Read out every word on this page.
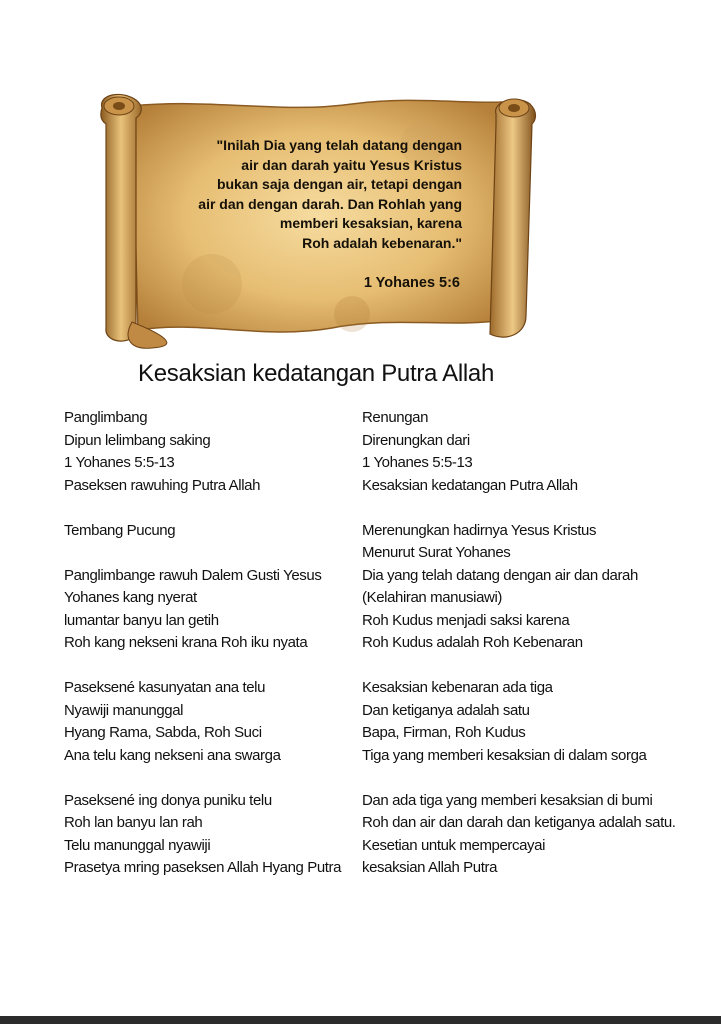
"Inilah Dia yang telah datang dengan
air dan darah yaitu Yesus Kristus
bukan saja dengan air, tetapi dengan
air dan dengan darah. Dan Rohlah yang
memberi kesaksian, karena
Roh adalah kebenaran."
1 Yohanes 5:6
Kesaksian kedatangan Putra Allah
Panglimbang
Dipun lelimbang saking
1 Yohanes 5:5-13
Paseksen rawuhing Putra Allah
Tembang Pucung
Panglimbange rawuh Dalem Gusti Yesus
Yohanes kang nyerat
lumantar banyu lan getih
Roh kang nekseni krana Roh iku nyata
Paseksené kasunyatan ana telu
Nyawiji manunggal
Hyang Rama, Sabda, Roh Suci
Ana telu kang nekseni ana swarga
Paseksené ing donya puniku telu
Roh lan banyu lan rah
Telu manunggal nyawiji
Prasetya mring paseksen Allah Hyang Putra
Renungan
Direnungkan dari
1 Yohanes 5:5-13
Kesaksian kedatangan Putra Allah
Merenungkan hadirnya Yesus Kristus
Menurut Surat Yohanes
Dia yang telah datang dengan air dan darah
(Kelahiran manusiawi)
Roh Kudus menjadi saksi karena
Roh Kudus adalah Roh Kebenaran
Kesaksian kebenaran ada tiga
Dan ketiganya adalah satu
Bapa, Firman, Roh Kudus
Tiga yang memberi kesaksian di dalam sorga
Dan ada tiga yang memberi kesaksian di bumi
Roh dan air dan darah dan ketiganya adalah satu.
Kesetian untuk mempercayai
kesaksian Allah Putra
